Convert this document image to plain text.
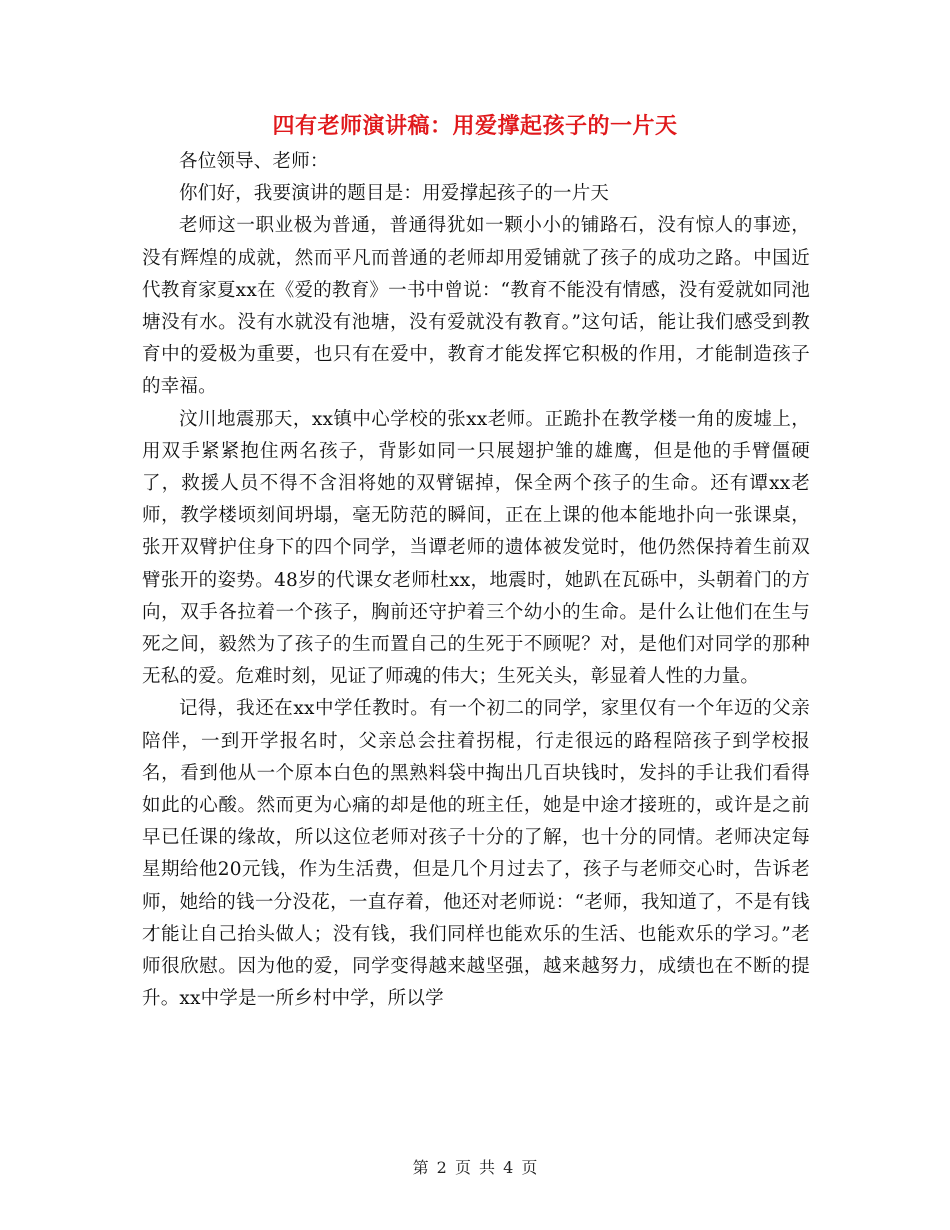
四有老师演讲稿：用爱撑起孩子的一片天

各位领导、老师：

你们好，我要演讲的题目是：用爱撑起孩子的一片天

老师这一职业极为普通，普通得犹如一颗小小的铺路石，没有惊人的事迹，没有辉煌的成就，然而平凡而普通的老师却用爱铺就了孩子的成功之路。中国近代教育家夏xx在《爱的教育》一书中曾说：“教育不能没有情感，没有爱就如同池塘没有水。没有水就没有池塘，没有爱就没有教育。”这句话，能让我们感受到教育中的爱极为重要，也只有在爱中，教育才能发挥它积极的作用，才能制造孩子的幸福。

汶川地震那天，xx镇中心学校的张xx老师。正跪扑在教学楼一角的废墟上，用双手紧紧抱住两名孩子，背影如同一只展翅护雏的雄鹰，但是他的手臂僵硬了，救援人员不得不含泪将她的双臂锯掉，保全两个孩子的生命。还有谭xx老师，教学楼顷刻间坍塌，毫无防范的瞬间，正在上课的他本能地扑向一张课桌，张开双臂护住身下的四个同学，当谭老师的遗体被发觉时，他仍然保持着生前双臂张开的姿势。48岁的代课女老师杜xx，地震时，她趴在瓦砾中，头朝着门的方向，双手各拉着一个孩子，胸前还守护着三个幼小的生命。是什么让他们在生与死之间，毅然为了孩子的生而置自己的生死于不顾呢？对，是他们对同学的那种无私的爱。危难时刻，见证了师魂的伟大；生死关头，彰显着人性的力量。

记得，我还在xx中学任教时。有一个初二的同学，家里仅有一个年迈的父亲陪伴，一到开学报名时，父亲总会拄着拐棍，行走很远的路程陪孩子到学校报名，看到他从一个原本白色的黑熟料袋中掏出几百块钱时，发抖的手让我们看得如此的心酸。然而更为心痛的却是他的班主任，她是中途才接班的，或许是之前早已任课的缘故，所以这位老师对孩子十分的了解，也十分的同情。老师决定每星期给他20元钱，作为生活费，但是几个月过去了，孩子与老师交心时，告诉老师，她给的钱一分没花，一直存着，他还对老师说：“老师，我知道了，不是有钱才能让自己抬头做人；没有钱，我们同样也能欢乐的生活、也能欢乐的学习。”老师很欣慰。因为他的爱，同学变得越来越坚强，越来越努力，成绩也在不断的提升。xx中学是一所乡村中学，所以学

第 2 页 共 4 页
